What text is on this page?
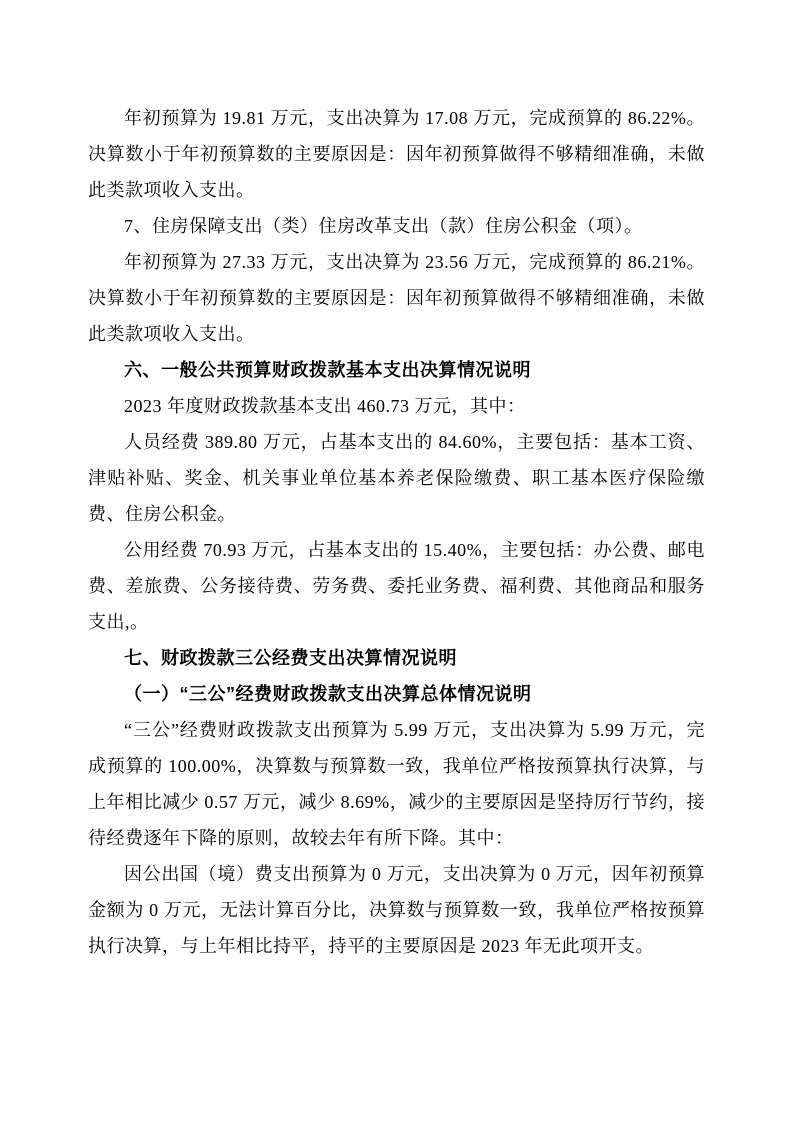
年初预算为 19.81 万元，支出决算为 17.08 万元，完成预算的 86.22%。决算数小于年初预算数的主要原因是：因年初预算做得不够精细准确，未做此类款项收入支出。

7、住房保障支出（类）住房改革支出（款）住房公积金（项）。

年初预算为 27.33 万元，支出决算为 23.56 万元，完成预算的 86.21%。决算数小于年初预算数的主要原因是：因年初预算做得不够精细准确，未做此类款项收入支出。

六、一般公共预算财政拨款基本支出决算情况说明

2023 年度财政拨款基本支出 460.73 万元，其中：

人员经费 389.80 万元，占基本支出的 84.60%，主要包括：基本工资、津贴补贴、奖金、机关事业单位基本养老保险缴费、职工基本医疗保险缴费、住房公积金。

公用经费 70.93 万元，占基本支出的 15.40%，主要包括：办公费、邮电费、差旅费、公务接待费、劳务费、委托业务费、福利费、其他商品和服务支出,。

七、财政拨款三公经费支出决算情况说明

（一）“三公”经费财政拨款支出决算总体情况说明

“三公”经费财政拨款支出预算为 5.99 万元，支出决算为 5.99 万元，完成预算的 100.00%，决算数与预算数一致，我单位严格按预算执行决算，与上年相比减少 0.57 万元，减少 8.69%，减少的主要原因是坚持厉行节约，接待经费逐年下降的原则，故较去年有所下降。其中：

因公出国（境）费支出预算为 0 万元，支出决算为 0 万元，因年初预算金额为 0 万元，无法计算百分比，决算数与预算数一致，我单位严格按预算执行决算，与上年相比持平，持平的主要原因是 2023 年无此项开支。
